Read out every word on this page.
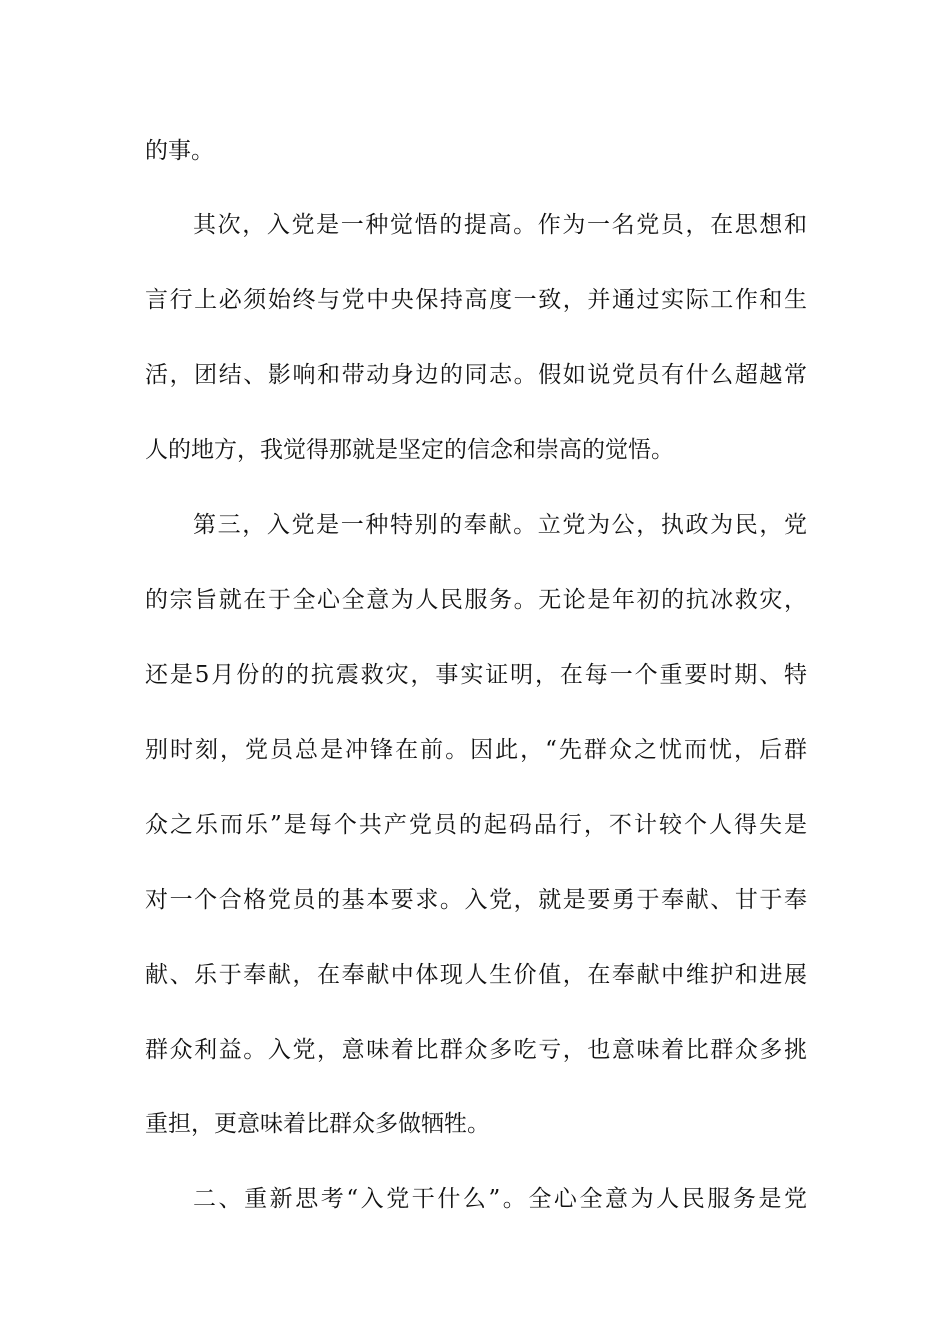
的事。
其次，入党是一种觉悟的提高。作为一名党员，在思想和
言行上必须始终与党中央保持高度一致，并通过实际工作和生
活，团结、影响和带动身边的同志。假如说党员有什么超越常
人的地方，我觉得那就是坚定的信念和崇高的觉悟。
第三，入党是一种特别的奉献。立党为公，执政为民，党
的宗旨就在于全心全意为人民服务。无论是年初的抗冰救灾，
还是5月份的的抗震救灾，事实证明，在每一个重要时期、特
别时刻，党员总是冲锋在前。因此，“先群众之忧而忧，后群
众之乐而乐”是每个共产党员的起码品行，不计较个人得失是
对一个合格党员的基本要求。入党，就是要勇于奉献、甘于奉
献、乐于奉献，在奉献中体现人生价值，在奉献中维护和进展
群众利益。入党，意味着比群众多吃亏，也意味着比群众多挑
重担，更意味着比群众多做牺牲。
二、重新思考“入党干什么”。全心全意为人民服务是党
